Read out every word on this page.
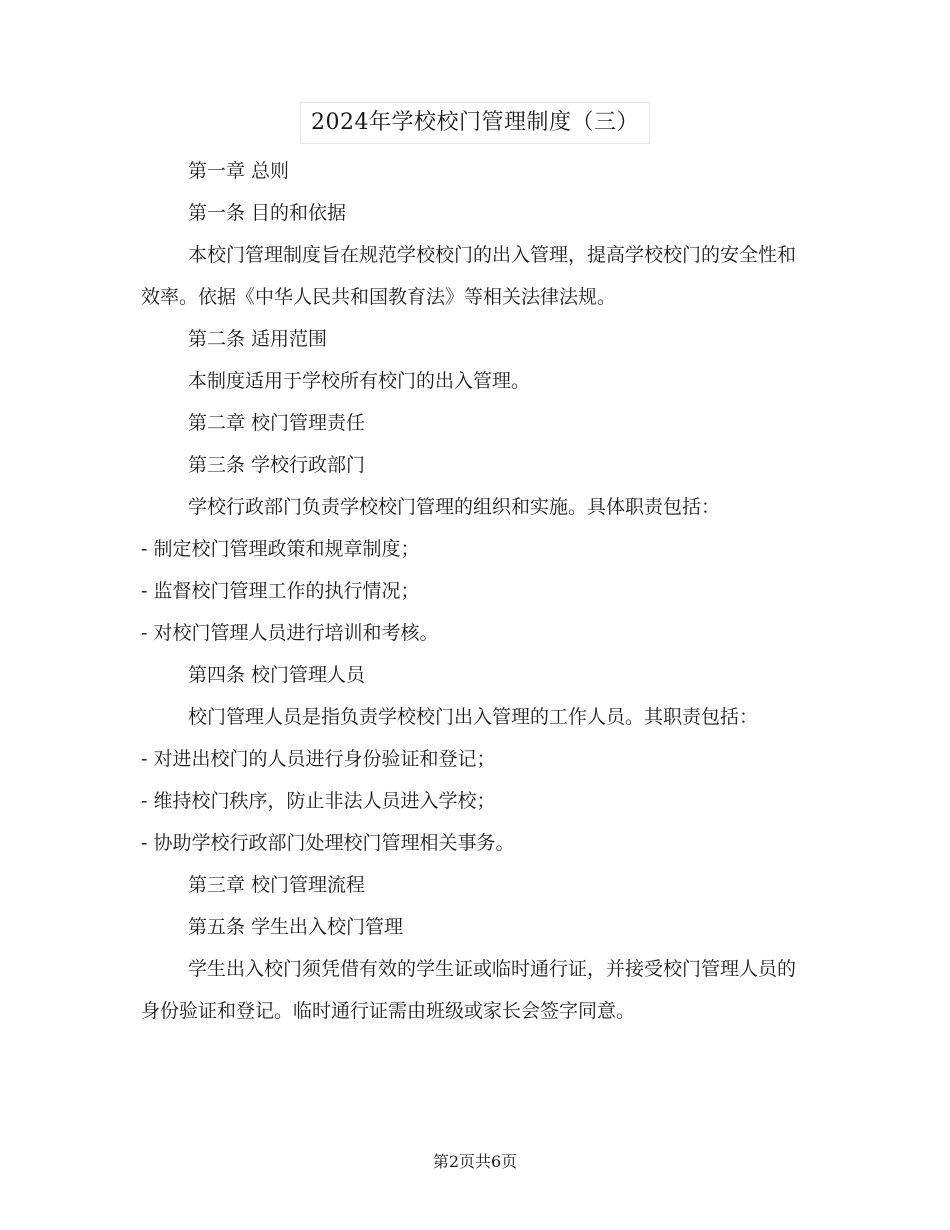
2024年学校校门管理制度（三）

第一章 总则

第一条 目的和依据

本校门管理制度旨在规范学校校门的出入管理，提高学校校门的安全性和效率。依据《中华人民共和国教育法》等相关法律法规。

第二条 适用范围

本制度适用于学校所有校门的出入管理。

第二章 校门管理责任

第三条 学校行政部门

学校行政部门负责学校校门管理的组织和实施。具体职责包括：

- 制定校门管理政策和规章制度；

- 监督校门管理工作的执行情况；

- 对校门管理人员进行培训和考核。

第四条 校门管理人员

校门管理人员是指负责学校校门出入管理的工作人员。其职责包括：

- 对进出校门的人员进行身份验证和登记；

- 维持校门秩序，防止非法人员进入学校；

- 协助学校行政部门处理校门管理相关事务。

第三章 校门管理流程

第五条 学生出入校门管理

学生出入校门须凭借有效的学生证或临时通行证，并接受校门管理人员的身份验证和登记。临时通行证需由班级或家长会签字同意。

第2页共6页
